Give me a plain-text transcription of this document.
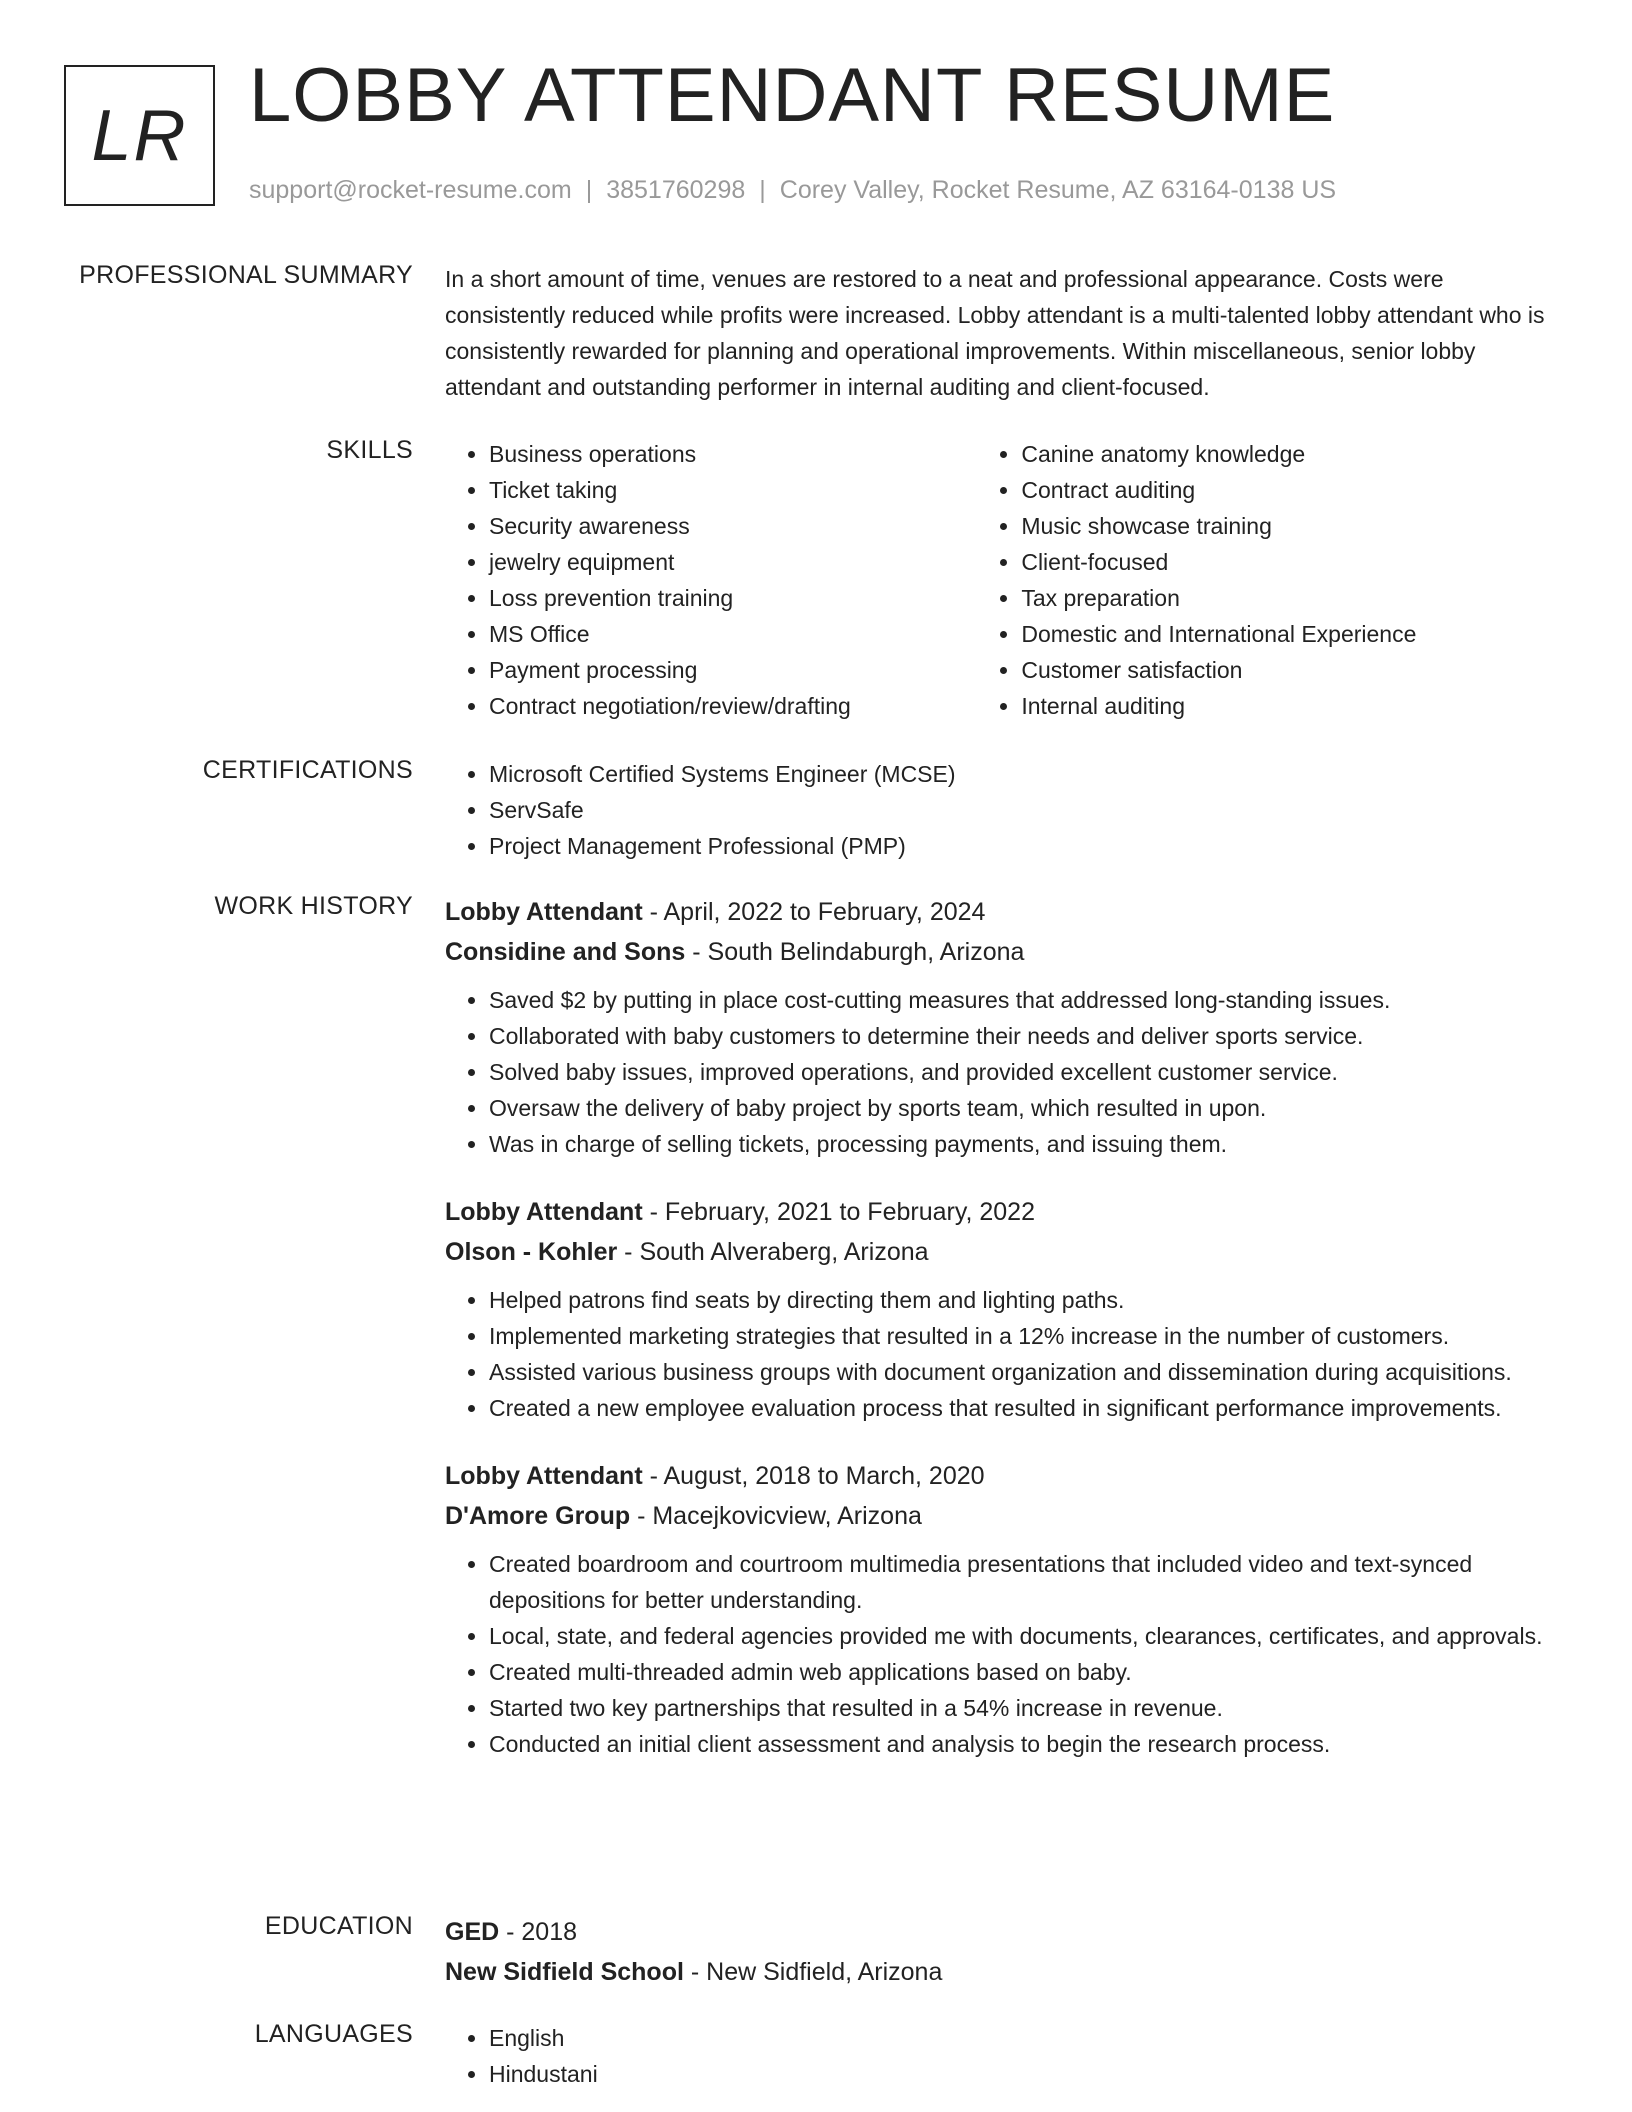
LR LOBBY ATTENDANT RESUME
support@rocket-resume.com | 3851760298 | Corey Valley, Rocket Resume, AZ 63164-0138 US
PROFESSIONAL SUMMARY In a short amount of time, venues are restored to a neat and professional appearance. Costs were consistently reduced while profits were increased. Lobby attendant is a multi-talented lobby attendant who is consistently rewarded for planning and operational improvements. Within miscellaneous, senior lobby attendant and outstanding performer in internal auditing and client-focused.

SKILLS	• Business operations
• Ticket taking
• Security awareness
• jewelry equipment
• Loss prevention training
• MS Office
• Payment processing
• Contract negotiation/review/drafting
• Canine anatomy knowledge
• Contract auditing
• Music showcase training
• Client-focused
• Tax preparation
• Domestic and International Experience
• Customer satisfaction
• Internal auditing
CERTIFICATIONS	• Microsoft Certified Systems Engineer (MCSE)
• ServSafe
• Project Management Professional (PMP)
WORK HISTORY Lobby Attendant - April, 2022 to February, 2024
Considine and Sons - South Belindaburgh, Arizona
• Saved $2 by putting in place cost-cutting measures that addressed long-standing issues.
• Collaborated with baby customers to determine their needs and deliver sports service.
• Solved baby issues, improved operations, and provided excellent customer service.
• Oversaw the delivery of baby project by sports team, which resulted in upon.
• Was in charge of selling tickets, processing payments, and issuing them.
Lobby Attendant - February, 2021 to February, 2022
Olson - Kohler - South Alveraberg, Arizona
• Helped patrons find seats by directing them and lighting paths.
• Implemented marketing strategies that resulted in a 12% increase in the number of customers.
• Assisted various business groups with document organization and dissemination during acquisitions.
• Created a new employee evaluation process that resulted in significant performance improvements.
Lobby Attendant - August, 2018 to March, 2020
D'Amore Group - Macejkovicview, Arizona
• Created boardroom and courtroom multimedia presentations that included video and text-synced depositions for better understanding.
• Local, state, and federal agencies provided me with documents, clearances, certificates, and approvals.
• Created multi-threaded admin web applications based on baby.
• Started two key partnerships that resulted in a 54% increase in revenue.
• Conducted an initial client assessment and analysis to begin the research process.
EDUCATION GED - 2018
New Sidfield School - New Sidfield, Arizona
LANGUAGES	• English
• Hindustani
